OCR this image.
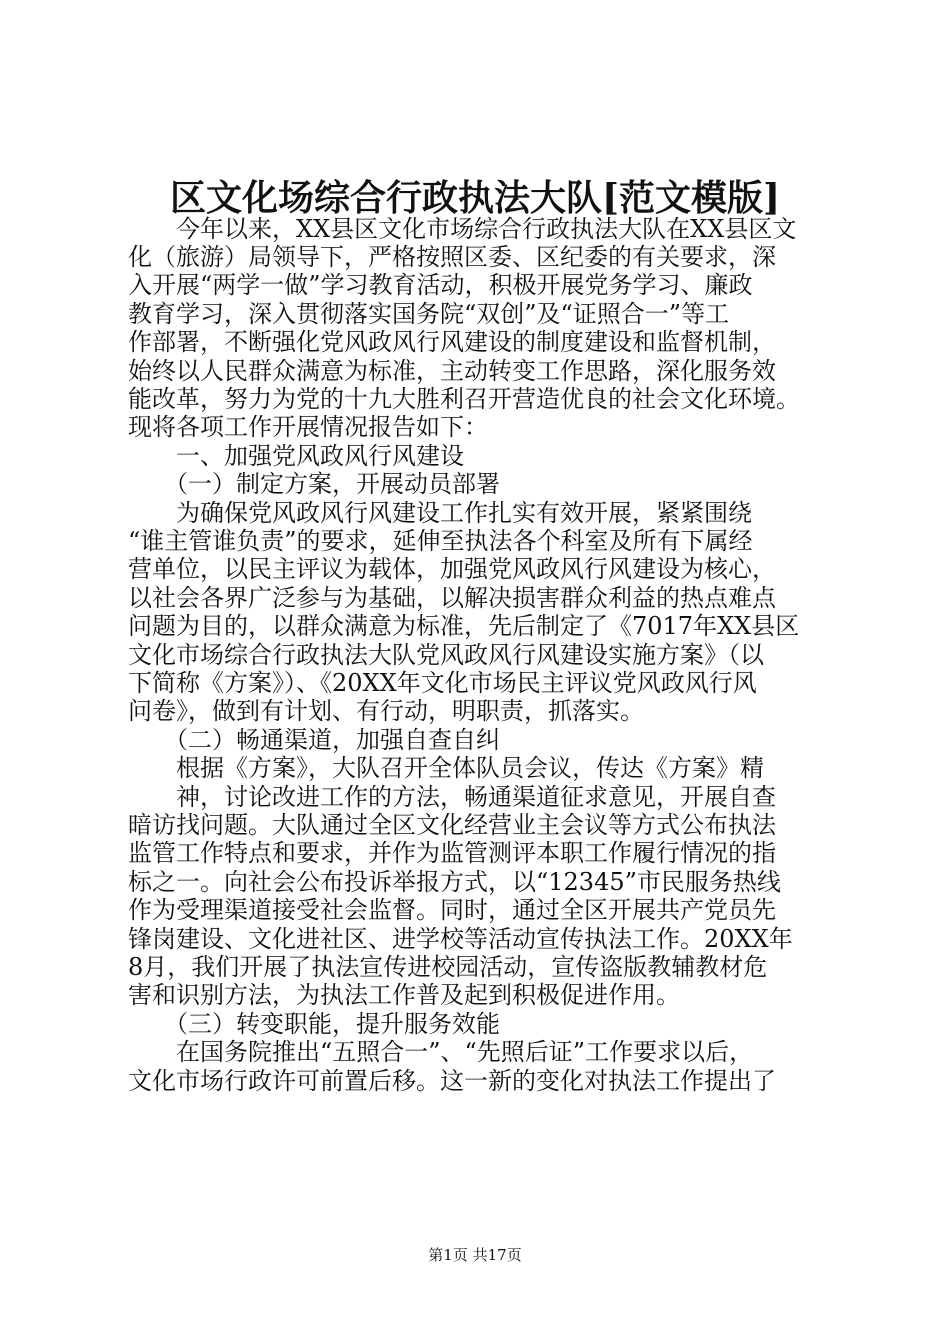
区文化场综合行政执法大队[范文模版]
　　今年以来，XX县区文化市场综合行政执法大队在XX县区文
化（旅游）局领导下，严格按照区委、区纪委的有关要求，深
入开展“两学一做”学习教育活动，积极开展党务学习、廉政
教育学习，深入贯彻落实国务院“双创”及“证照合一”等工
作部署，不断强化党风政风行风建设的制度建设和监督机制，
始终以人民群众满意为标准，主动转变工作思路，深化服务效
能改革，努力为党的十九大胜利召开营造优良的社会文化环境。
现将各项工作开展情况报告如下：
　　一、加强党风政风行风建设
　　（一）制定方案，开展动员部署
　　为确保党风政风行风建设工作扎实有效开展，紧紧围绕
“谁主管谁负责”的要求，延伸至执法各个科室及所有下属经
营单位，以民主评议为载体，加强党风政风行风建设为核心，
以社会各界广泛参与为基础，以解决损害群众利益的热点难点
问题为目的，以群众满意为标准，先后制定了《7017年XX县区
文化市场综合行政执法大队党风政风行风建设实施方案》（以
下简称《方案》）、《20XX年文化市场民主评议党风政风行风
问卷》，做到有计划、有行动，明职责，抓落实。
　　（二）畅通渠道，加强自查自纠
　　根据《方案》，大队召开全体队员会议，传达《方案》精
　　神，讨论改进工作的方法，畅通渠道征求意见，开展自查
暗访找问题。大队通过全区文化经营业主会议等方式公布执法
监管工作特点和要求，并作为监管测评本职工作履行情况的指
标之一。向社会公布投诉举报方式，以“12345”市民服务热线
作为受理渠道接受社会监督。同时，通过全区开展共产党员先
锋岗建设、文化进社区、进学校等活动宣传执法工作。20XX年
8月，我们开展了执法宣传进校园活动，宣传盗版教辅教材危
害和识别方法，为执法工作普及起到积极促进作用。
　　（三）转变职能，提升服务效能
　　在国务院推出“五照合一”、“先照后证”工作要求以后，
文化市场行政许可前置后移。这一新的变化对执法工作提出了
第1页 共17页
